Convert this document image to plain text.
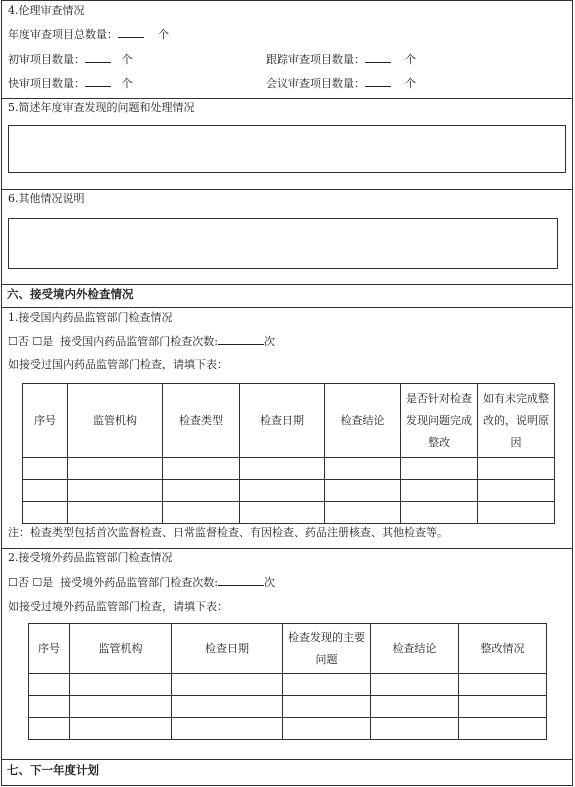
4.伦理审查情况
年度审查项目总数量：	个
初审项目数量：	个	跟踪审查项目数量：	个
快审项目数量：	个	会议审查项目数量：	个
5.简述年度审查发现的问题和处理情况
6.其他情况说明
六、接受境内外检查情况
1.接受国内药品监管部门检查情况
☐否 ☐是 接受国内药品监管部门检查次数:	次
如接受过国内药品监管部门检查，请填下表：
序号	监管机构	检查类型	检查日期	检查结论	是否针对检查发现问题完成整改	如有未完成整改的，说明原因

注：检查类型包括首次监督检查、日常监督检查、有因检查、药品注册核查、其他检查等。
2.接受境外药品监管部门检查情况
☐否 ☐是 接受境外药品监管部门检查次数:	次
如接受过境外药品监管部门检查，请填下表：
序号	监管机构	检查日期	检查发现的主要问题	检查结论	整改情况

七、下一年度计划
